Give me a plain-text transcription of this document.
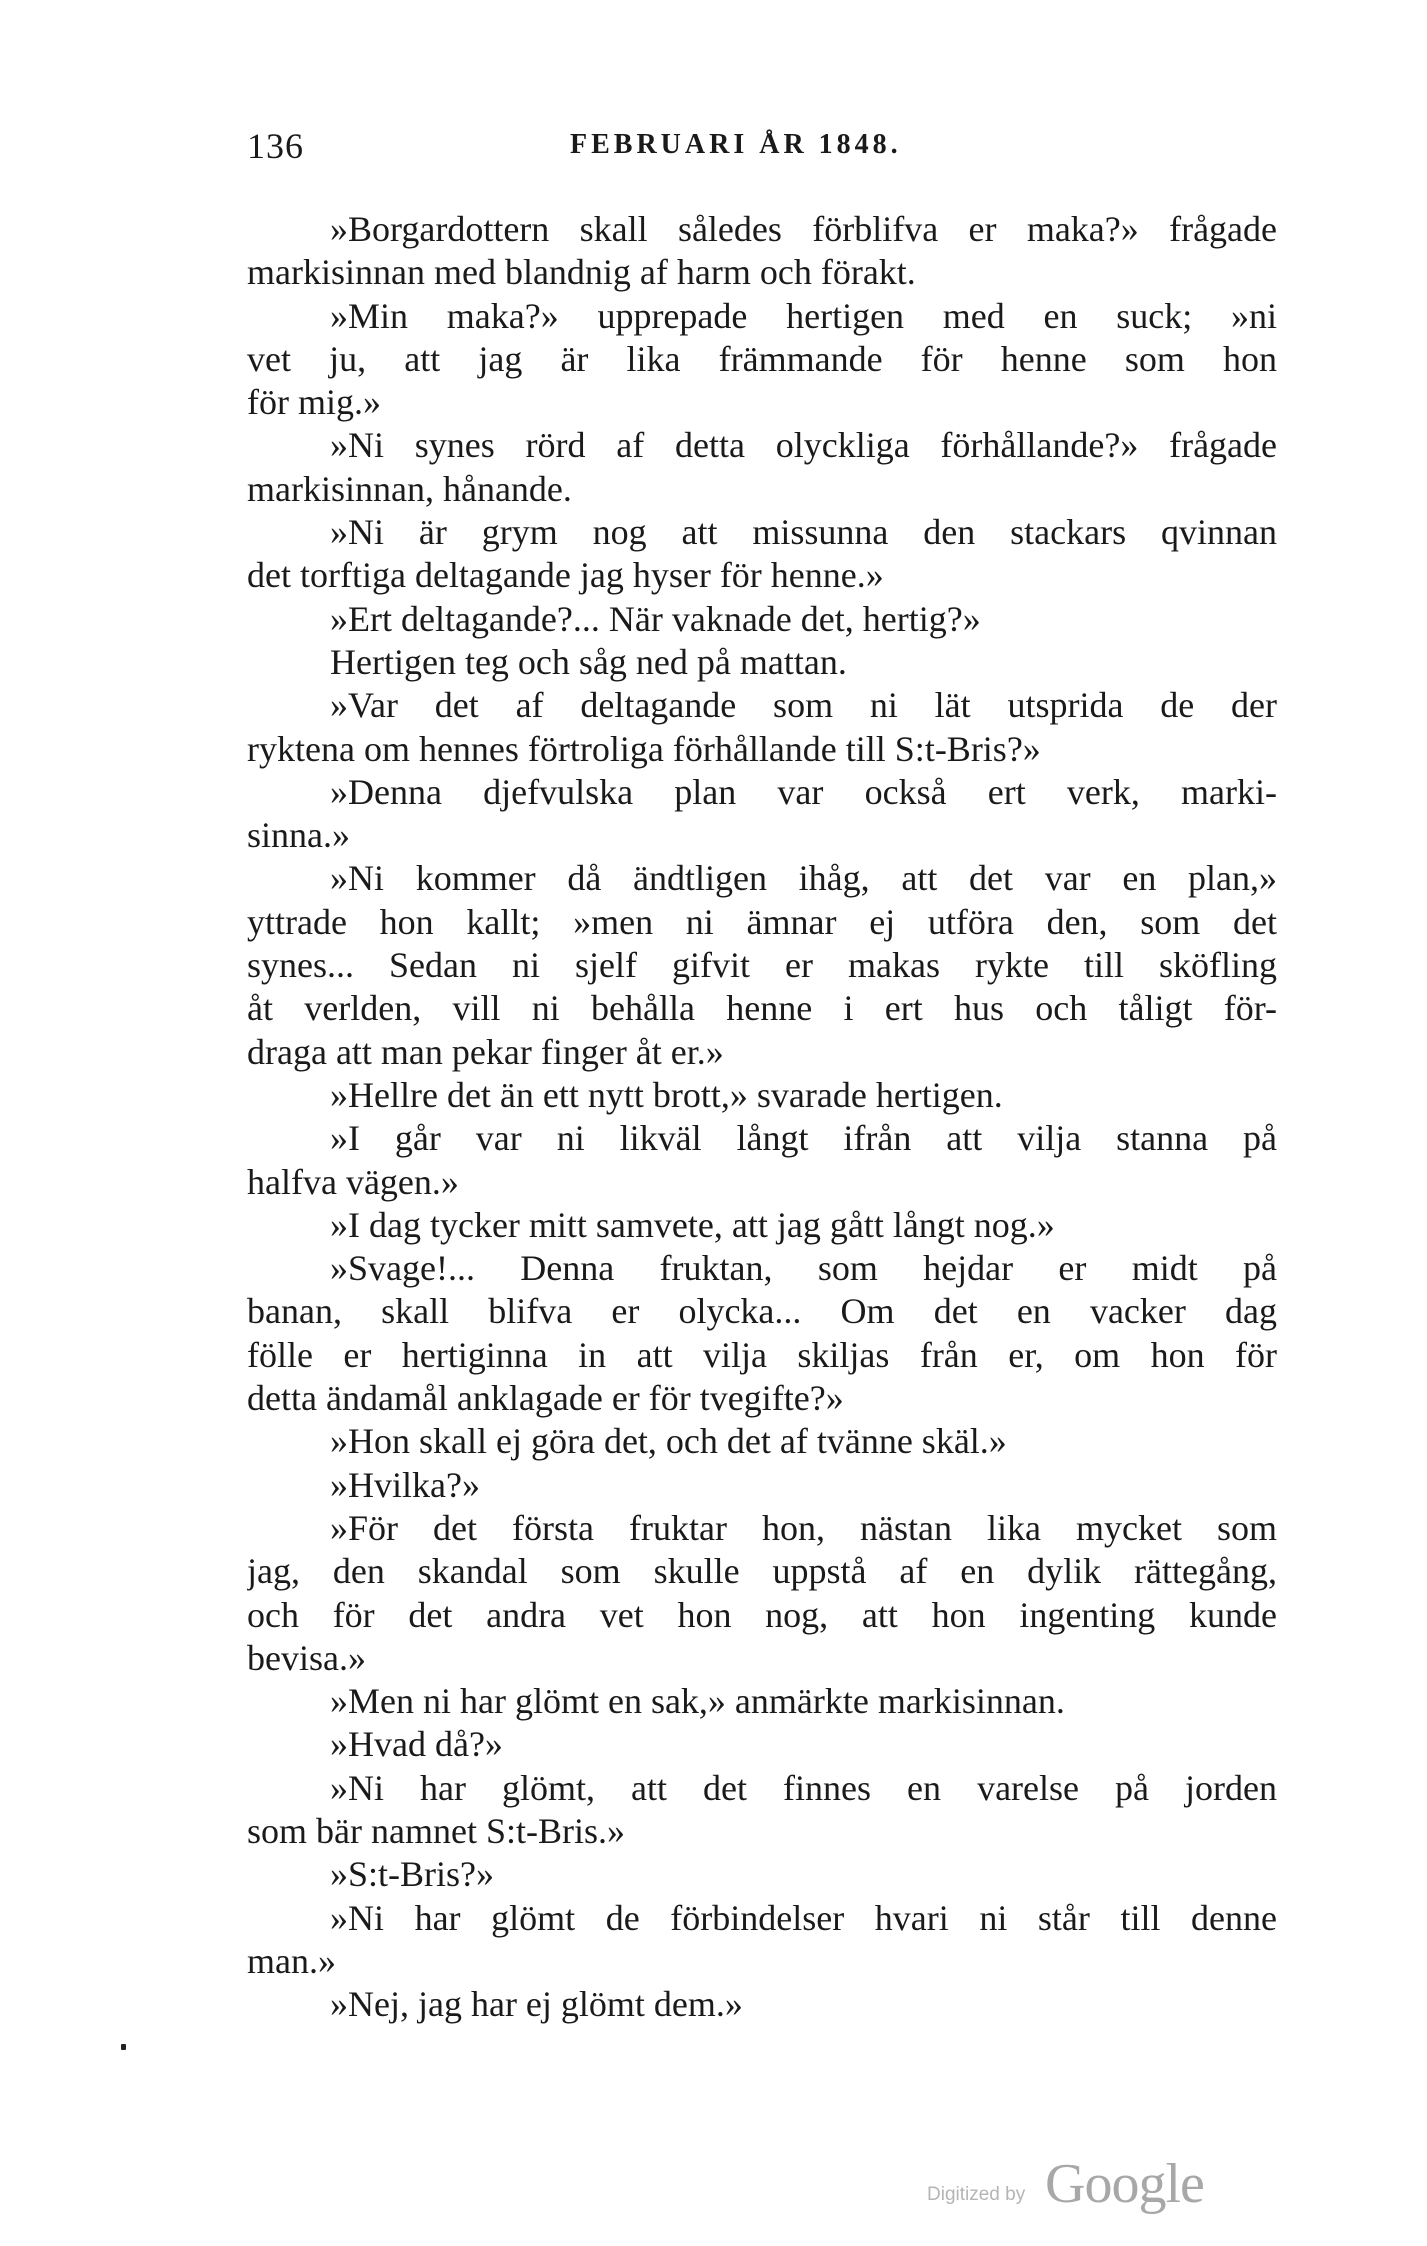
136	FEBRUARI ÅR 1848.
»Borgardottern skall således förblifva er maka?» frågade
markisinnan med blandnig af harm och förakt.
»Min maka?» upprepade hertigen med en suck; »ni
vet ju, att jag är lika främmande för henne som hon
för mig.»
»Ni synes rörd af detta olyckliga förhållande?» frågade
markisinnan, hånande.
»Ni är grym nog att missunna den stackars qvinnan
det torftiga deltagande jag hyser för henne.»
»Ert deltagande?... När vaknade det, hertig?»
Hertigen teg och såg ned på mattan.
»Var det af deltagande som ni lät utsprida de der
ryktena om hennes förtroliga förhållande till S:t-Bris?»
»Denna djefvulska plan var också ert verk, marki-
sinna.»
»Ni kommer då ändtligen ihåg, att det var en plan,»
yttrade hon kallt; »men ni ämnar ej utföra den, som det
synes... Sedan ni sjelf gifvit er makas rykte till sköfling
åt verlden, vill ni behålla henne i ert hus och tåligt för-
draga att man pekar finger åt er.»
»Hellre det än ett nytt brott,» svarade hertigen.
»I går var ni likväl långt ifrån att vilja stanna på
halfva vägen.»
»I dag tycker mitt samvete, att jag gått långt nog.»
»Svage!... Denna fruktan, som hejdar er midt på
banan, skall blifva er olycka... Om det en vacker dag
fölle er hertiginna in att vilja skiljas från er, om hon för
detta ändamål anklagade er för tvegifte?»
»Hon skall ej göra det, och det af tvänne skäl.»
»Hvilka?»
»För det första fruktar hon, nästan lika mycket som
jag, den skandal som skulle uppstå af en dylik rättegång,
och för det andra vet hon nog, att hon ingenting kunde
bevisa.»
»Men ni har glömt en sak,» anmärkte markisinnan.
»Hvad då?»
»Ni har glömt, att det finnes en varelse på jorden
som bär namnet S:t-Bris.»
»S:t-Bris?»
»Ni har glömt de förbindelser hvari ni står till denne
man.»
»Nej, jag har ej glömt dem.»
Digitized by Google
